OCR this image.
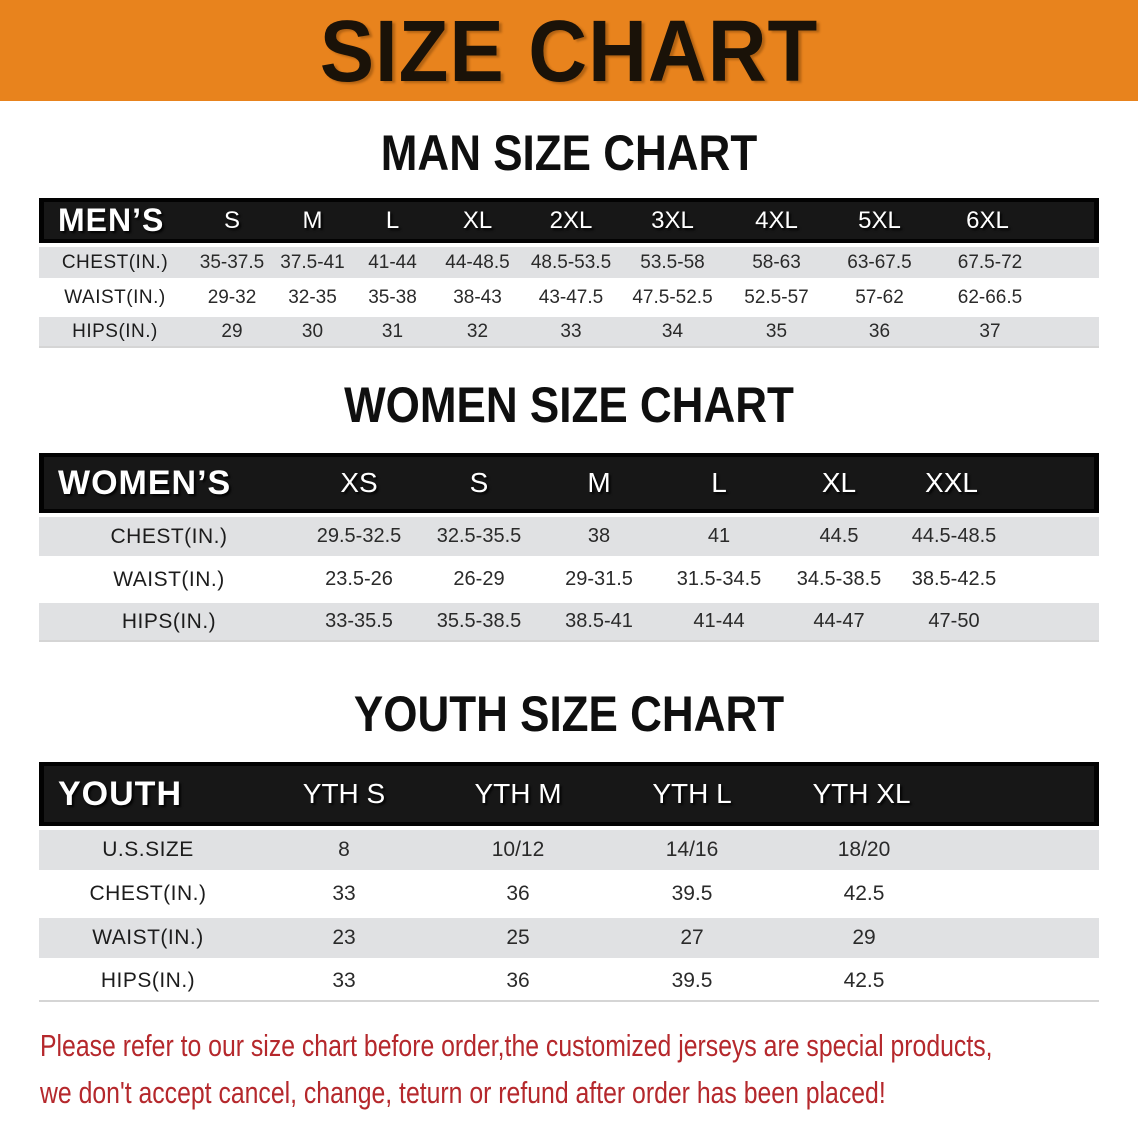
SIZE CHART
MAN SIZE CHART
MEN’S	S	M	L	XL	2XL	3XL	4XL	5XL	6XL
CHEST(IN.)	35-37.5	37.5-41	41-44	44-48.5	48.5-53.5	53.5-58	58-63	63-67.5	67.5-72
WAIST(IN.)	29-32	32-35	35-38	38-43	43-47.5	47.5-52.5	52.5-57	57-62	62-66.5
HIPS(IN.)	29	30	31	32	33	34	35	36	37
WOMEN SIZE CHART
WOMEN’S	XS	S	M	L	XL	XXL
CHEST(IN.)	29.5-32.5	32.5-35.5	38	41	44.5	44.5-48.5
WAIST(IN.)	23.5-26	26-29	29-31.5	31.5-34.5	34.5-38.5	38.5-42.5
HIPS(IN.)	33-35.5	35.5-38.5	38.5-41	41-44	44-47	47-50
YOUTH SIZE CHART
YOUTH	YTH S	YTH M	YTH L	YTH XL
U.S.SIZE	8	10/12	14/16	18/20
CHEST(IN.)	33	36	39.5	42.5
WAIST(IN.)	23	25	27	29
HIPS(IN.)	33	36	39.5	42.5

Please refer to our size chart before order,the customized jerseys are special products,

we don't accept cancel, change, teturn or refund after order has been placed!
